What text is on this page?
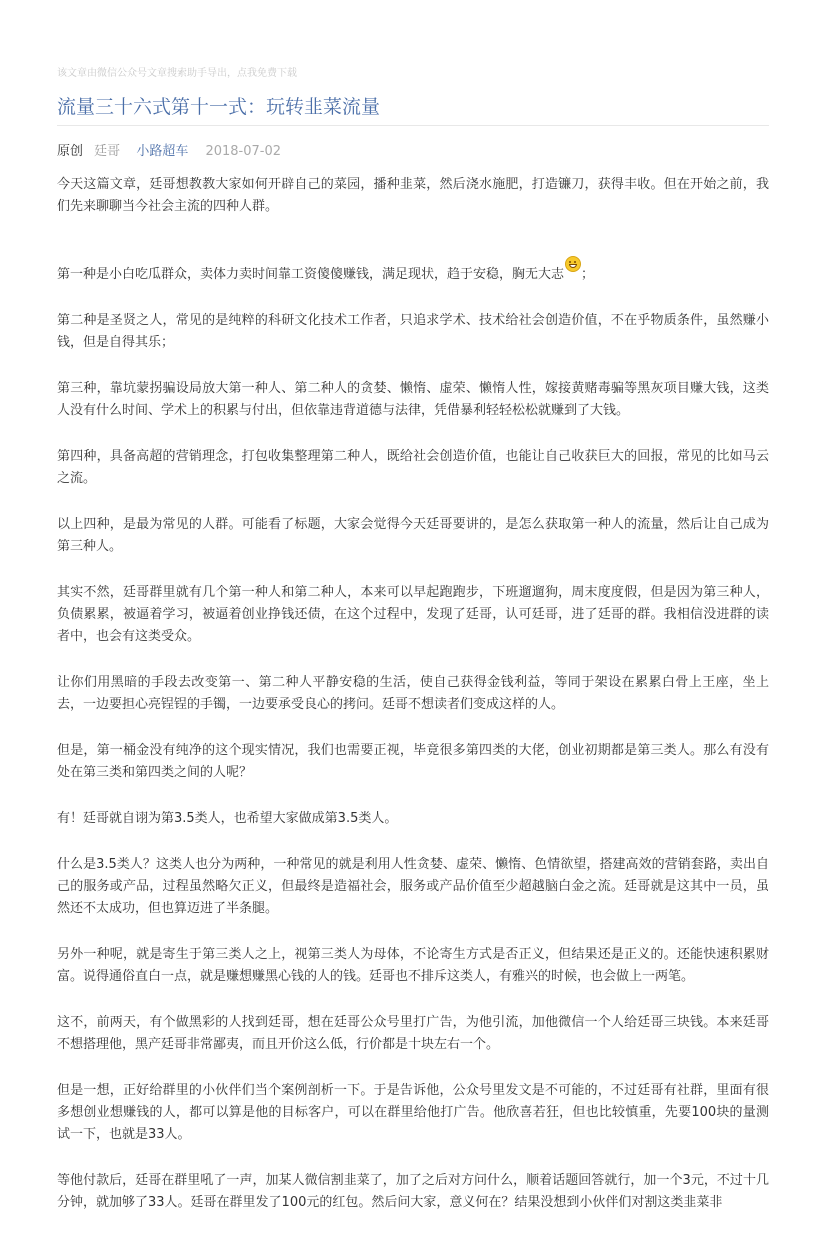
该文章由微信公众号文章搜索助手导出，点我免费下载
流量三十六式第十一式：玩转韭菜流量
原创 廷哥 小路超车 2018-07-02

今天这篇文章，廷哥想教教大家如何开辟自己的菜园，播种韭菜，然后浇水施肥，打造镰刀，获得丰收。但在开始之前，我们先来聊聊当今社会主流的四种人群。

第一种是小白吃瓜群众，卖体力卖时间靠工资傻傻赚钱，满足现状，趋于安稳，胸无大志 ；

第二种是圣贤之人，常见的是纯粹的科研文化技术工作者，只追求学术、技术给社会创造价值，不在乎物质条件，虽然赚小钱，但是自得其乐；

第三种，靠坑蒙拐骗设局放大第一种人、第二种人的贪婪、懒惰、虚荣、懒惰人性，嫁接黄赌毒骗等黑灰项目赚大钱，这类人没有什么时间、学术上的积累与付出，但依靠违背道德与法律，凭借暴利轻轻松松就赚到了大钱。

第四种，具备高超的营销理念，打包收集整理第二种人，既给社会创造价值，也能让自己收获巨大的回报，常见的比如马云之流。

以上四种，是最为常见的人群。可能看了标题，大家会觉得今天廷哥要讲的，是怎么获取第一种人的流量，然后让自己成为第三种人。

其实不然，廷哥群里就有几个第一种人和第二种人，本来可以早起跑跑步，下班遛遛狗，周末度度假，但是因为第三种人，负债累累，被逼着学习，被逼着创业挣钱还债，在这个过程中，发现了廷哥，认可廷哥，进了廷哥的群。我相信没进群的读者中，也会有这类受众。

让你们用黑暗的手段去改变第一、第二种人平静安稳的生活，使自己获得金钱利益，等同于架设在累累白骨上王座，坐上去，一边要担心亮锃锃的手镯，一边要承受良心的拷问。廷哥不想读者们变成这样的人。

但是，第一桶金没有纯净的这个现实情况，我们也需要正视，毕竟很多第四类的大佬，创业初期都是第三类人。那么有没有处在第三类和第四类之间的人呢？

有！廷哥就自诩为第3.5类人，也希望大家做成第3.5类人。

什么是3.5类人？这类人也分为两种，一种常见的就是利用人性贪婪、虚荣、懒惰、色情欲望，搭建高效的营销套路，卖出自己的服务或产品，过程虽然略欠正义，但最终是造福社会，服务或产品价值至少超越脑白金之流。廷哥就是这其中一员，虽然还不太成功，但也算迈进了半条腿。

另外一种呢，就是寄生于第三类人之上，视第三类人为母体，不论寄生方式是否正义，但结果还是正义的。还能快速积累财富。说得通俗直白一点，就是赚想赚黑心钱的人的钱。廷哥也不排斥这类人，有雅兴的时候，也会做上一两笔。

这不，前两天，有个做黑彩的人找到廷哥，想在廷哥公众号里打广告，为他引流，加他微信一个人给廷哥三块钱。本来廷哥不想搭理他，黑产廷哥非常鄙夷，而且开价这么低，行价都是十块左右一个。

但是一想，正好给群里的小伙伴们当个案例剖析一下。于是告诉他，公众号里发文是不可能的，不过廷哥有社群，里面有很多想创业想赚钱的人，都可以算是他的目标客户，可以在群里给他打广告。他欣喜若狂，但也比较慎重，先要100块的量测试一下，也就是33人。

等他付款后，廷哥在群里吼了一声，加某人微信割韭菜了，加了之后对方问什么，顺着话题回答就行，加一个3元，不过十几分钟，就加够了33人。廷哥在群里发了100元的红包。然后问大家，意义何在？结果没想到小伙伴们对割这类韭菜非
